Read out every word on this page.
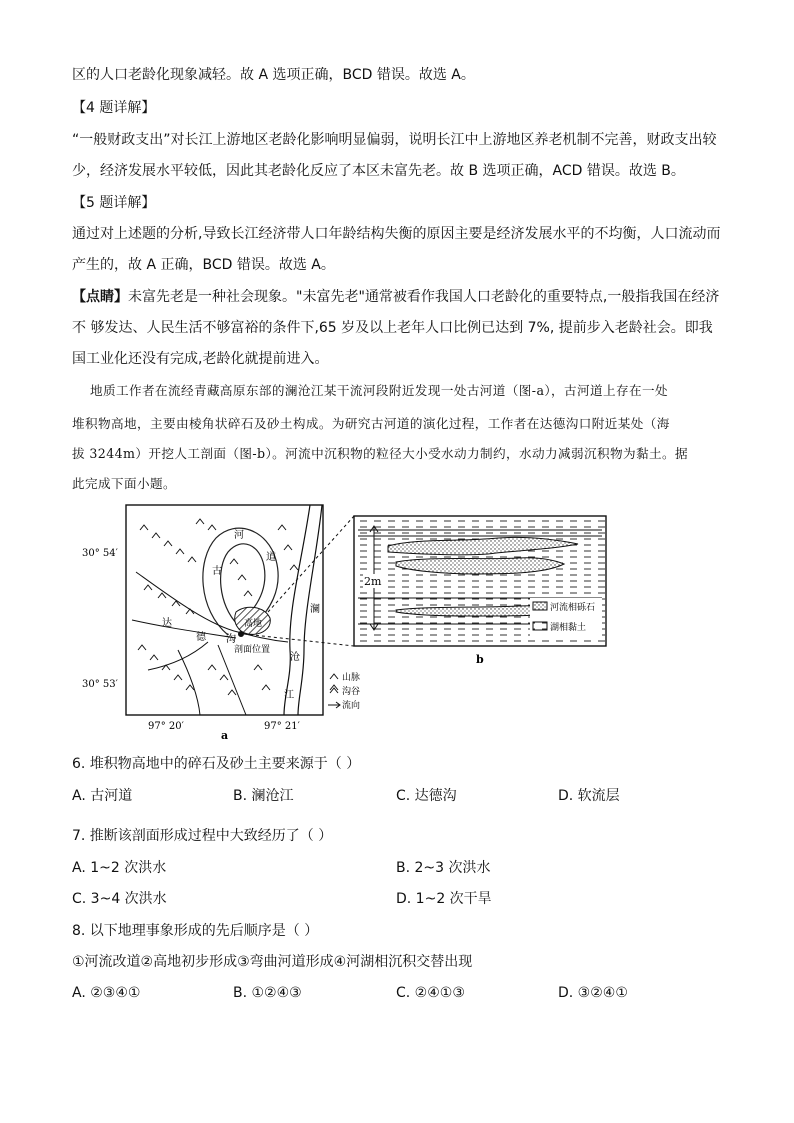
区的人口老龄化现象减轻。故 A 选项正确，BCD 错误。故选 A。
【4 题详解】
“一般财政支出”对长江上游地区老龄化影响明显偏弱，说明长江中上游地区养老机制不完善，财政支出较
少，经济发展水平较低，因此其老龄化反应了本区未富先老。故 B 选项正确，ACD 错误。故选 B。
【5 题详解】
通过对上述题的分析,导致长江经济带人口年龄结构失衡的原因主要是经济发展水平的不均衡，人口流动而
产生的，故 A 正确，BCD 错误。故选 A。
【点睛】未富先老是一种社会现象。"未富先老"通常被看作我国人口老龄化的重要特点,一般指我国在经济
不 够发达、人民生活不够富裕的条件下,65 岁及以上老年人口比例已达到 7%, 提前步入老龄社会。即我
国工业化还没有完成,老龄化就提前进入。
地质工作者在流经青藏高原东部的澜沧江某干流河段附近发现一处古河道（图-a），古河道上存在一处
堆积物高地，主要由棱角状碎石及砂土构成。为研究古河道的演化过程，工作者在达德沟口附近某处（海
拔 3244m）开挖人工剖面（图-b）。河流中沉积物的粒径大小受水动力制约，水动力减弱沉积物为黏土。据
此完成下面小题。
30° 54′
30° 53′
97° 20′	97° 21′
a
河
古
道
达
德 沟
高地
剖面位置
澜
沧
江
山脉
沟谷
流向
2m
河流相砾石
湖相黏土
b
6. 堆积物高地中的碎石及砂土主要来源于（ ）
A. 古河道	B. 澜沧江	C. 达德沟	D. 软流层
7. 推断该剖面形成过程中大致经历了（ ）
A. 1~2 次洪水	B. 2~3 次洪水
C. 3~4 次洪水	D. 1~2 次干旱
8. 以下地理事象形成的先后顺序是（ ）
①河流改道②高地初步形成③弯曲河道形成④河湖相沉积交替出现
A. ②③④①	B. ①②④③	C. ②④①③	D. ③②④①
